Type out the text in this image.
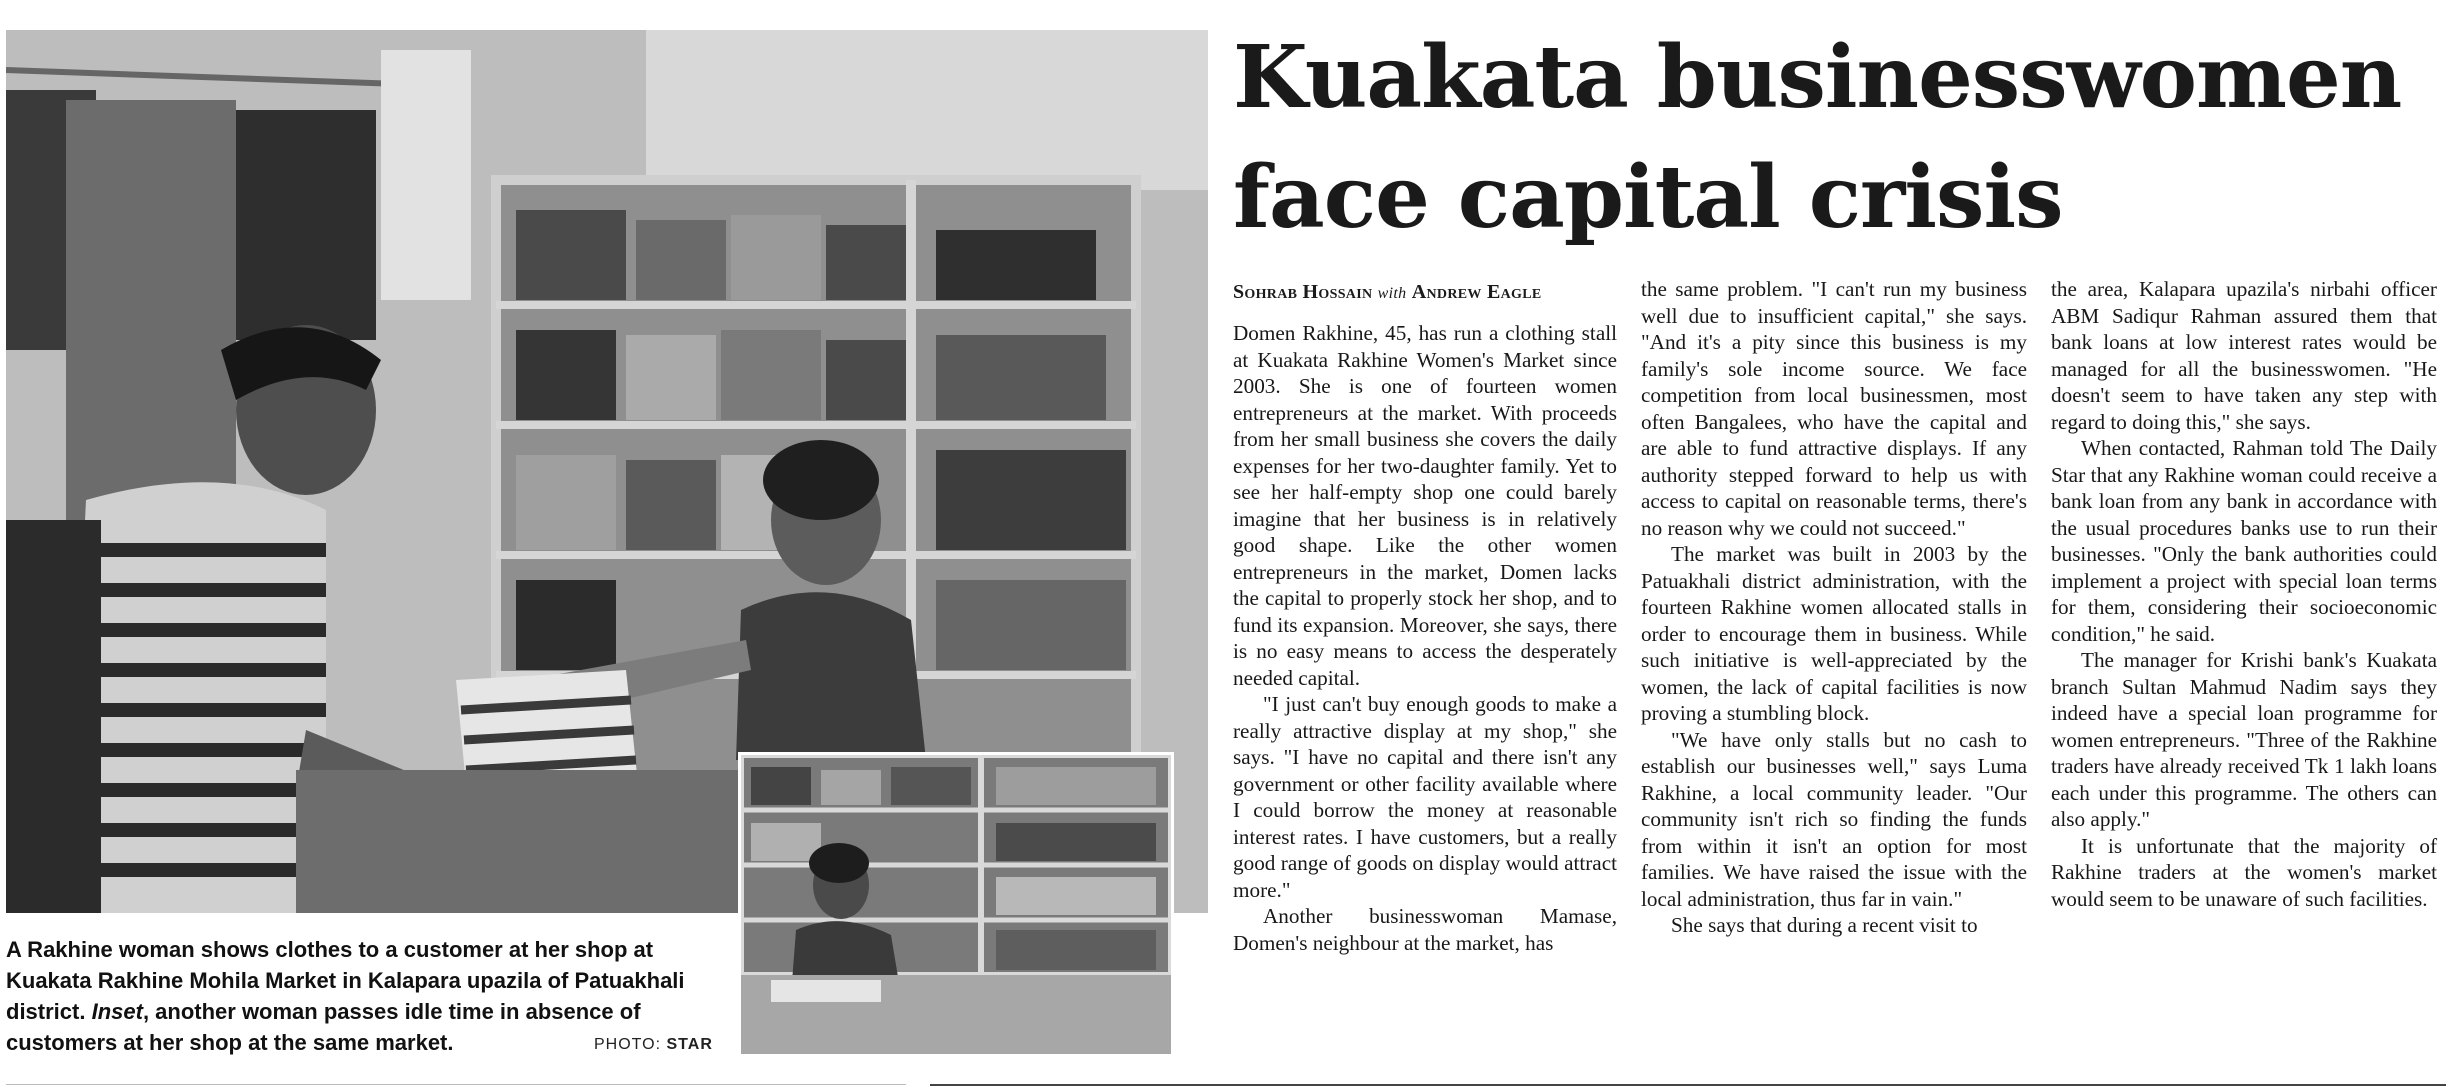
A Rakhine woman shows clothes to a customer at her shop at Kuakata Rakhine Mohila Market in Kalapara upazila of Patuakhali district. Inset, another woman passes idle time in absence of customers at her shop at the same market.	PHOTO: STAR
Kuakata businesswomen
face capital crisis
Sohrab Hossain with Andrew Eagle

Domen Rakhine, 45, has run a clothing stall at Kuakata Rakhine Women's Market since 2003. She is one of fourteen women entrepreneurs at the market. With proceeds from her small business she covers the daily expenses for her two-daughter family. Yet to see her half-empty shop one could barely imagine that her business is in relatively good shape. Like the other women entrepreneurs in the market, Domen lacks the capital to properly stock her shop, and to fund its expansion. Moreover, she says, there is no easy means to access the desperately needed capital.

"I just can't buy enough goods to make a really attractive display at my shop," she says. "I have no capital and there isn't any government or other facility available where I could borrow the money at reasonable interest rates. I have customers, but a really good range of goods on display would attract more."

Another businesswoman Mamase, Domen's neighbour at the market, has

the same problem. "I can't run my business well due to insufficient capital," she says. "And it's a pity since this business is my family's sole income source. We face competition from local businessmen, most often Bangalees, who have the capital and are able to fund attractive displays. If any authority stepped forward to help us with access to capital on reasonable terms, there's no reason why we could not succeed."

The market was built in 2003 by the Patuakhali district administration, with the fourteen Rakhine women allocated stalls in order to encourage them in business. While such initiative is well-appreciated by the women, the lack of capital facilities is now proving a stumbling block.

"We have only stalls but no cash to establish our businesses well," says Luma Rakhine, a local community leader. "Our community isn't rich so finding the funds from within it isn't an option for most families. We have raised the issue with the local administration, thus far in vain."

She says that during a recent visit to

the area, Kalapara upazila's nirbahi officer ABM Sadiqur Rahman assured them that bank loans at low interest rates would be managed for all the businesswomen. "He doesn't seem to have taken any step with regard to doing this," she says.

When contacted, Rahman told The Daily Star that any Rakhine woman could receive a bank loan from any bank in accordance with the usual procedures banks use to run their businesses. "Only the bank authorities could implement a project with special loan terms for them, considering their socioeconomic condition," he said.

The manager for Krishi bank's Kuakata branch Sultan Mahmud Nadim says they indeed have a special loan programme for women entrepreneurs. "Three of the Rakhine traders have already received Tk 1 lakh loans each under this programme. The others can also apply."

It is unfortunate that the majority of Rakhine traders at the women's market would seem to be unaware of such facilities.
